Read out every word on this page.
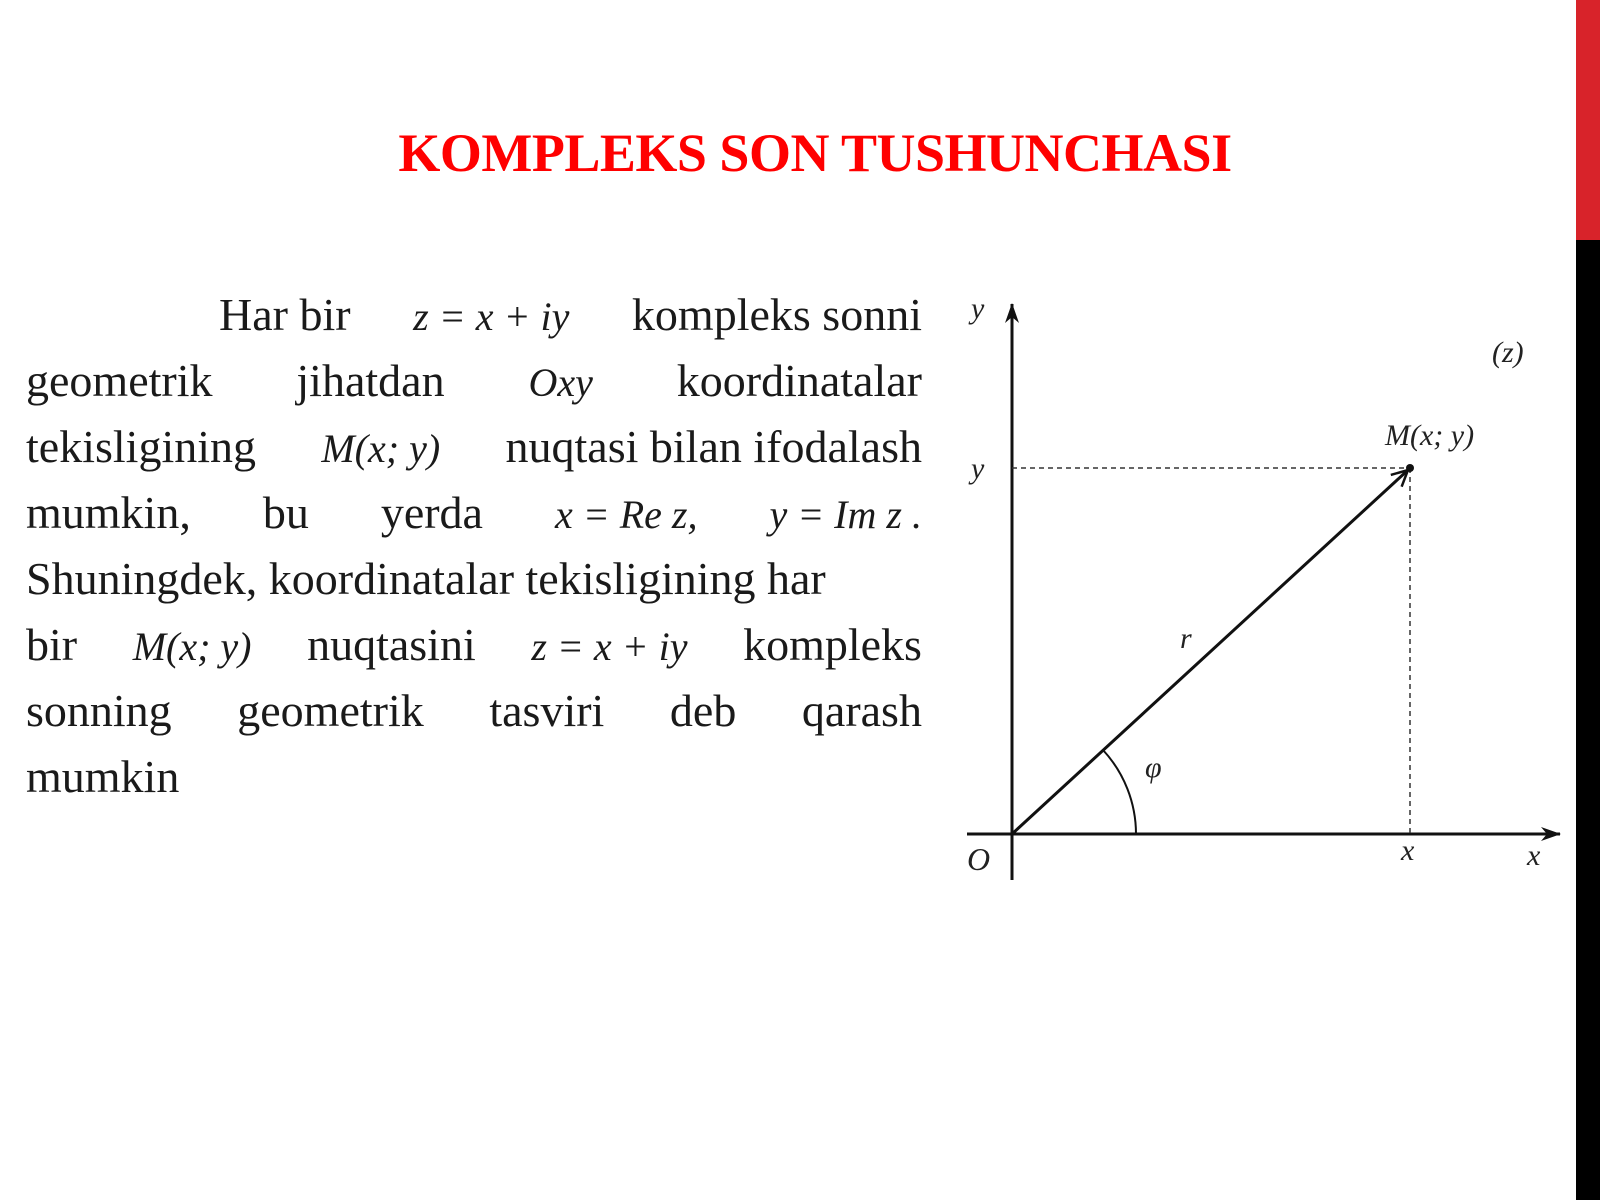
KOMPLEKS SON TUSHUNCHASI
Har bir z = x + iy kompleks sonni
geometrik jihatdan Oxy koordinatalar
tekisligining M(x; y) nuqtasi bilan ifodalash
mumkin, bu yerda x = Re z, y = Im z .
Shuningdek, koordinatalar tekisligining har
bir M(x; y) nuqtasini z = x + iy kompleks
sonning geometrik tasviri deb qarash
mumkin
y
x
O
(z)
M(x; y)
y
x
r
φ
